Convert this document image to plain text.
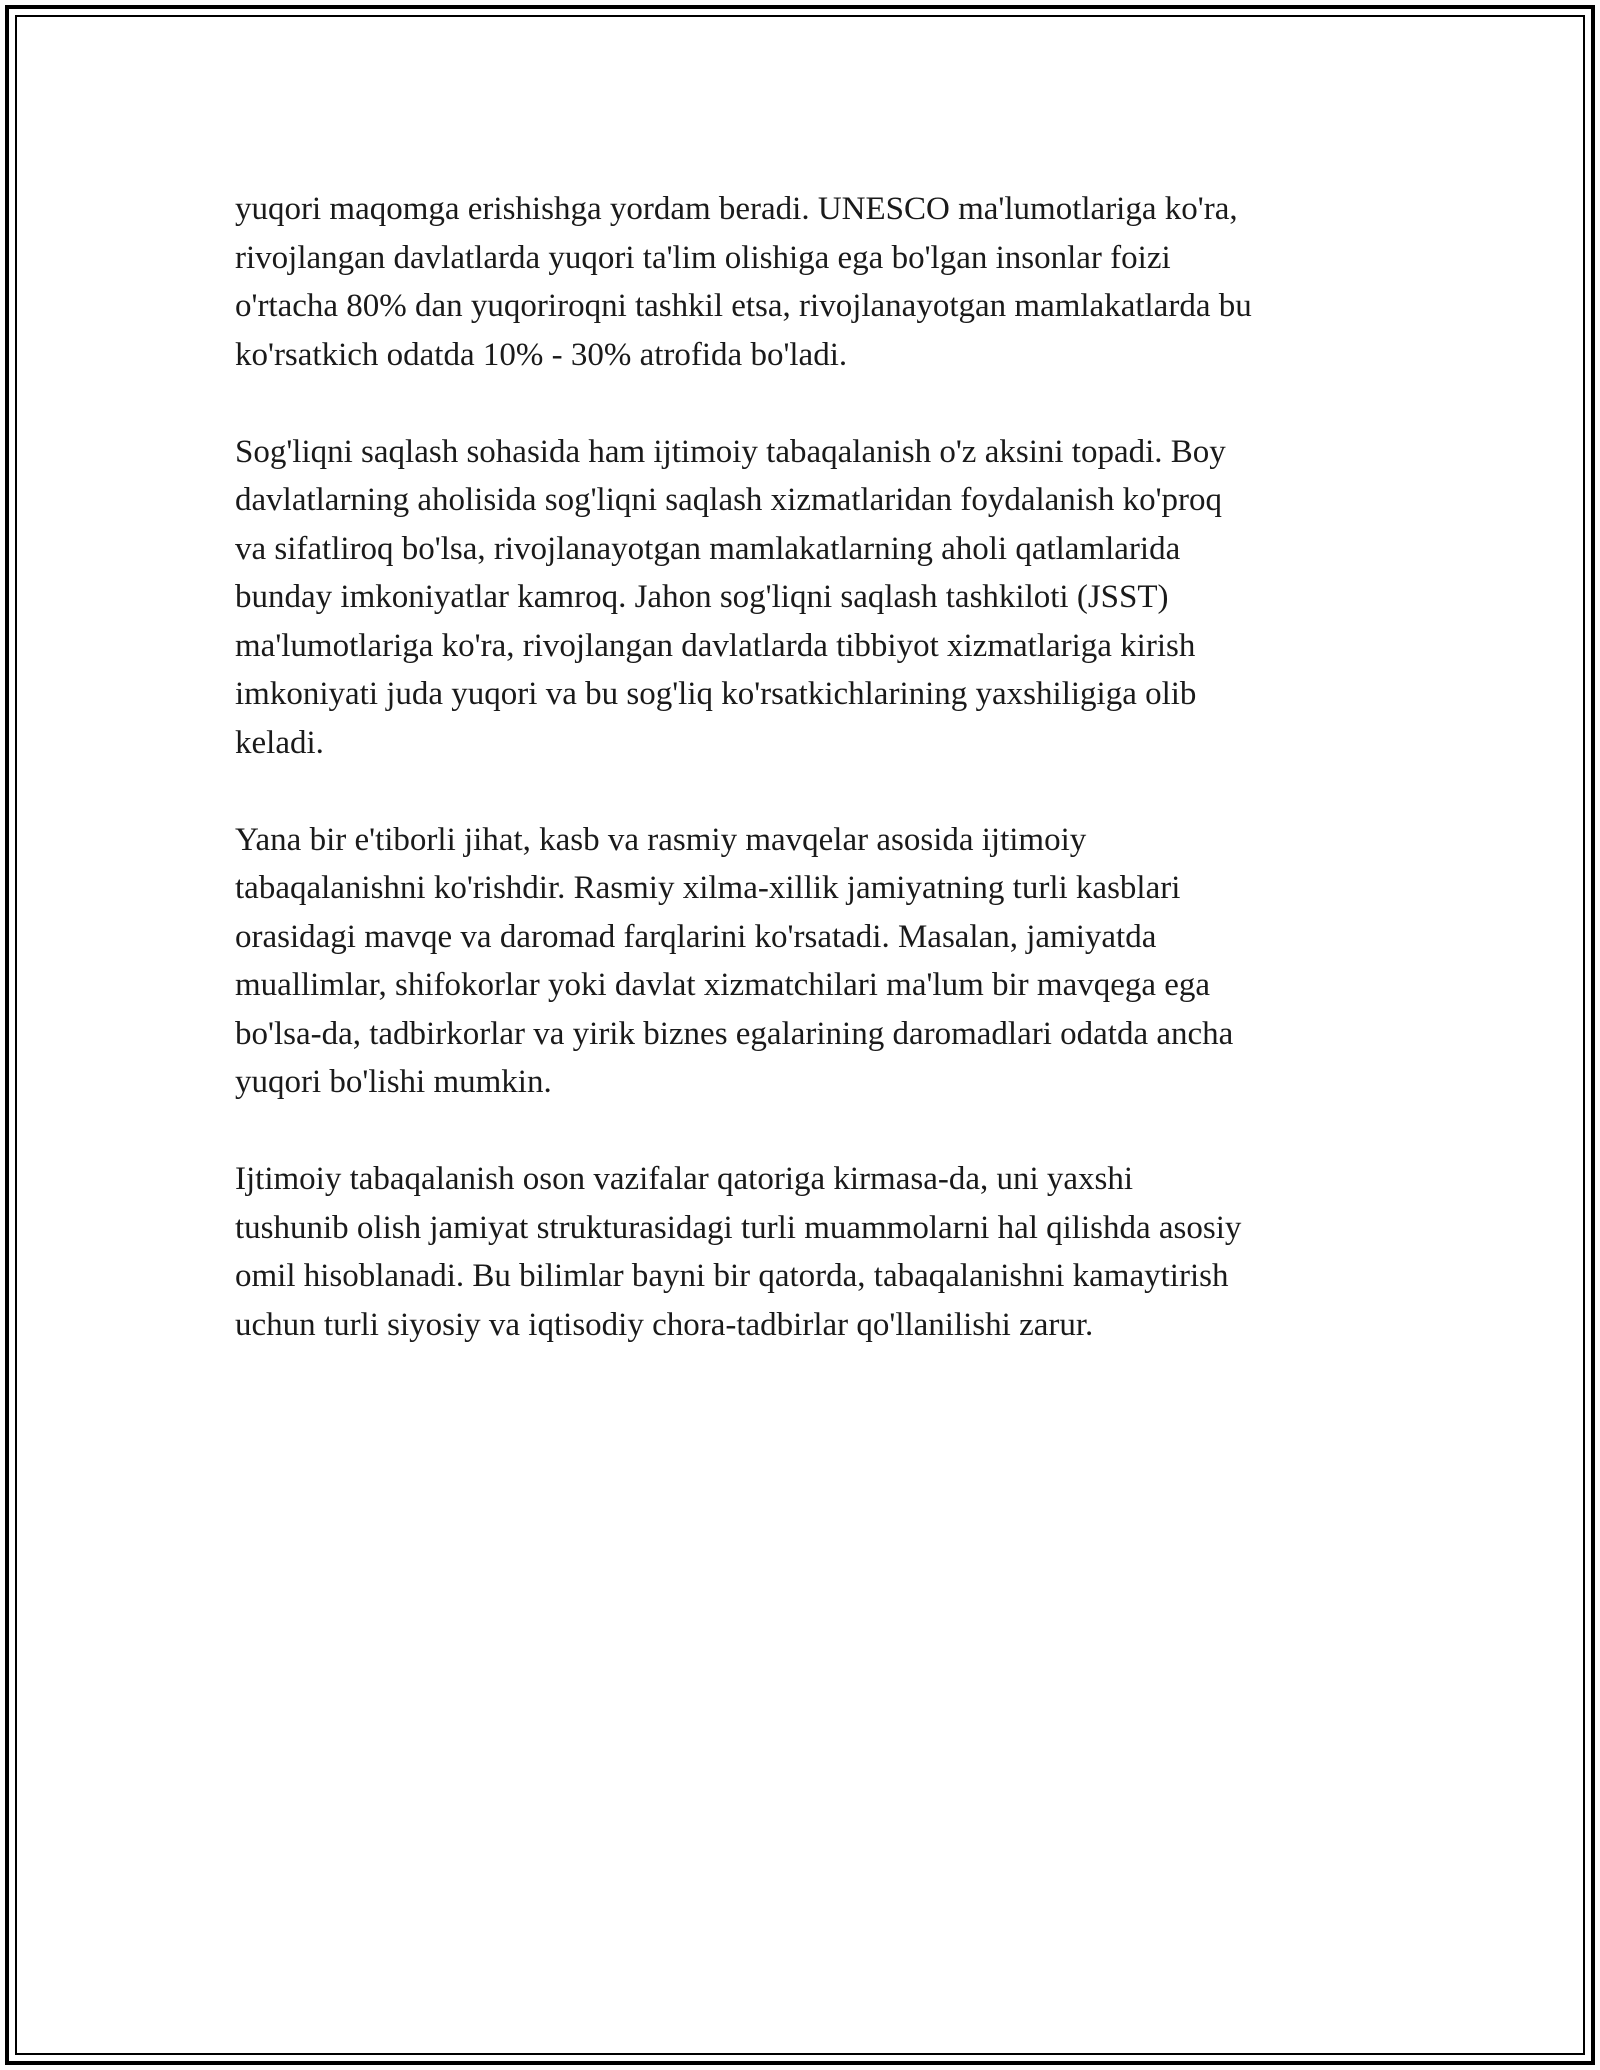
yuqori maqomga erishishga yordam beradi. UNESCO ma'lumotlariga ko'ra,
rivojlangan davlatlarda yuqori ta'lim olishiga ega bo'lgan insonlar foizi
o'rtacha 80% dan yuqoriroqni tashkil etsa, rivojlanayotgan mamlakatlarda bu
ko'rsatkich odatda 10% - 30% atrofida bo'ladi.

Sog'liqni saqlash sohasida ham ijtimoiy tabaqalanish o'z aksini topadi. Boy
davlatlarning aholisida sog'liqni saqlash xizmatlaridan foydalanish ko'proq
va sifatliroq bo'lsa, rivojlanayotgan mamlakatlarning aholi qatlamlarida
bunday imkoniyatlar kamroq. Jahon sog'liqni saqlash tashkiloti (JSST)
ma'lumotlariga ko'ra, rivojlangan davlatlarda tibbiyot xizmatlariga kirish
imkoniyati juda yuqori va bu sog'liq ko'rsatkichlarining yaxshiligiga olib
keladi.

Yana bir e'tiborli jihat, kasb va rasmiy mavqelar asosida ijtimoiy
tabaqalanishni ko'rishdir. Rasmiy xilma-xillik jamiyatning turli kasblari
orasidagi mavqe va daromad farqlarini ko'rsatadi. Masalan, jamiyatda
muallimlar, shifokorlar yoki davlat xizmatchilari ma'lum bir mavqega ega
bo'lsa-da, tadbirkorlar va yirik biznes egalarining daromadlari odatda ancha
yuqori bo'lishi mumkin.

Ijtimoiy tabaqalanish oson vazifalar qatoriga kirmasa-da, uni yaxshi
tushunib olish jamiyat strukturasidagi turli muammolarni hal qilishda asosiy
omil hisoblanadi. Bu bilimlar bayni bir qatorda, tabaqalanishni kamaytirish
uchun turli siyosiy va iqtisodiy chora-tadbirlar qo'llanilishi zarur.
